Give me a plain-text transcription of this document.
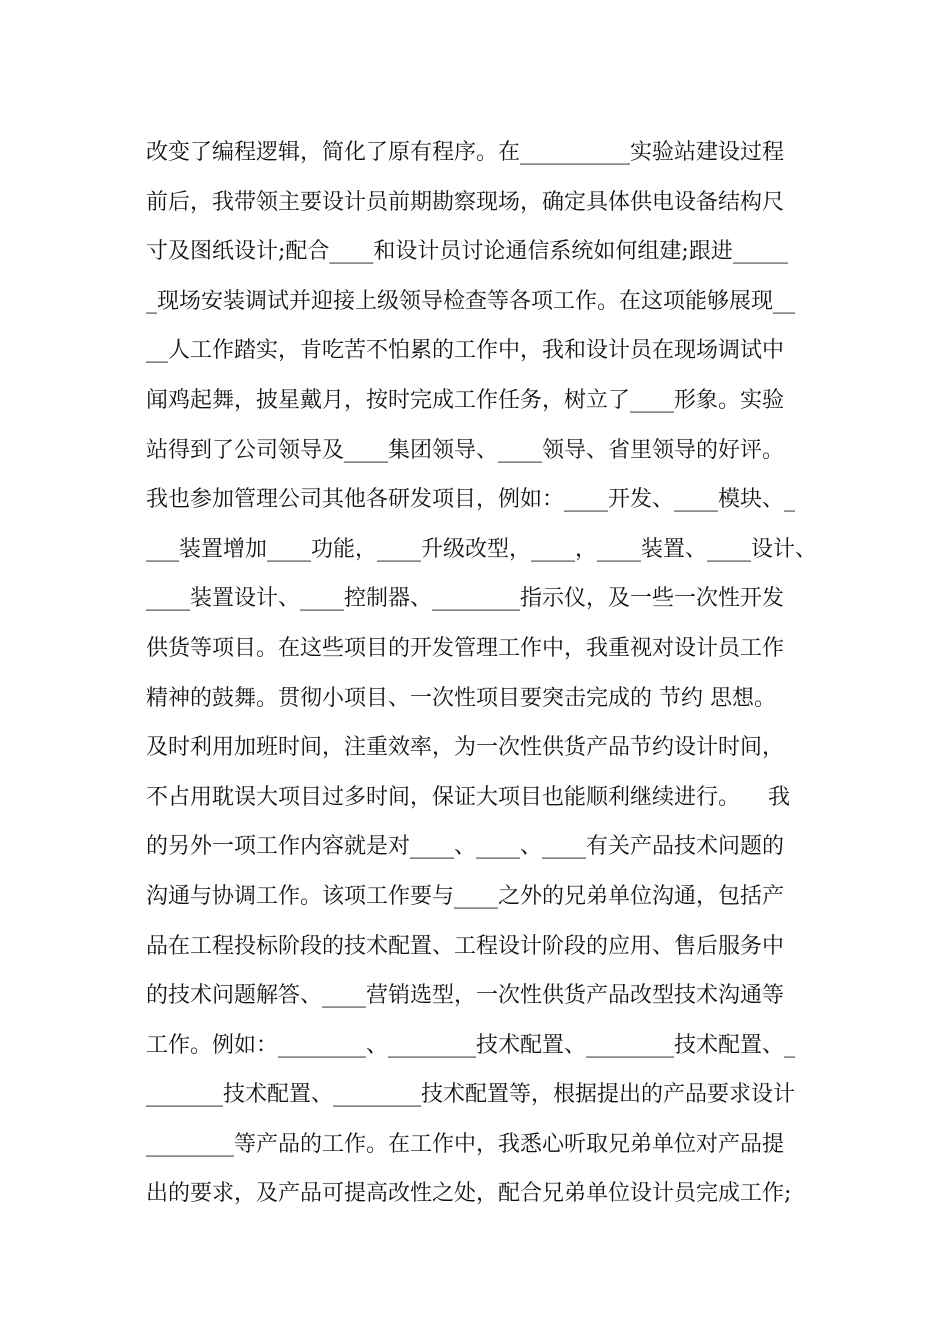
改变了编程逻辑，简化了原有程序。在__________实验站建设过程
前后，我带领主要设计员前期勘察现场，确定具体供电设备结构尺
寸及图纸设计;配合____和设计员讨论通信系统如何组建;跟进_____
_现场安装调试并迎接上级领导检查等各项工作。在这项能够展现__
__人工作踏实，肯吃苦不怕累的工作中，我和设计员在现场调试中
闻鸡起舞，披星戴月，按时完成工作任务，树立了____形象。实验
站得到了公司领导及____集团领导、____领导、省里领导的好评。
我也参加管理公司其他各研发项目，例如：____开发、____模块、_
___装置增加____功能，____升级改型，____，____装置、____设计、
____装置设计、____控制器、________指示仪，及一些一次性开发
供货等项目。在这些项目的开发管理工作中，我重视对设计员工作
精神的鼓舞。贯彻小项目、一次性项目要突击完成的 节约 思想。
及时利用加班时间，注重效率，为一次性供货产品节约设计时间，
不占用耽误大项目过多时间，保证大项目也能顺利继续进行。    我
的另外一项工作内容就是对____、____、____有关产品技术问题的
沟通与协调工作。该项工作要与____之外的兄弟单位沟通，包括产
品在工程投标阶段的技术配置、工程设计阶段的应用、售后服务中
的技术问题解答、____营销选型，一次性供货产品改型技术沟通等
工作。例如：________、________技术配置、________技术配置、_
_______技术配置、________技术配置等，根据提出的产品要求设计
________等产品的工作。在工作中，我悉心听取兄弟单位对产品提
出的要求，及产品可提高改性之处，配合兄弟单位设计员完成工作;
